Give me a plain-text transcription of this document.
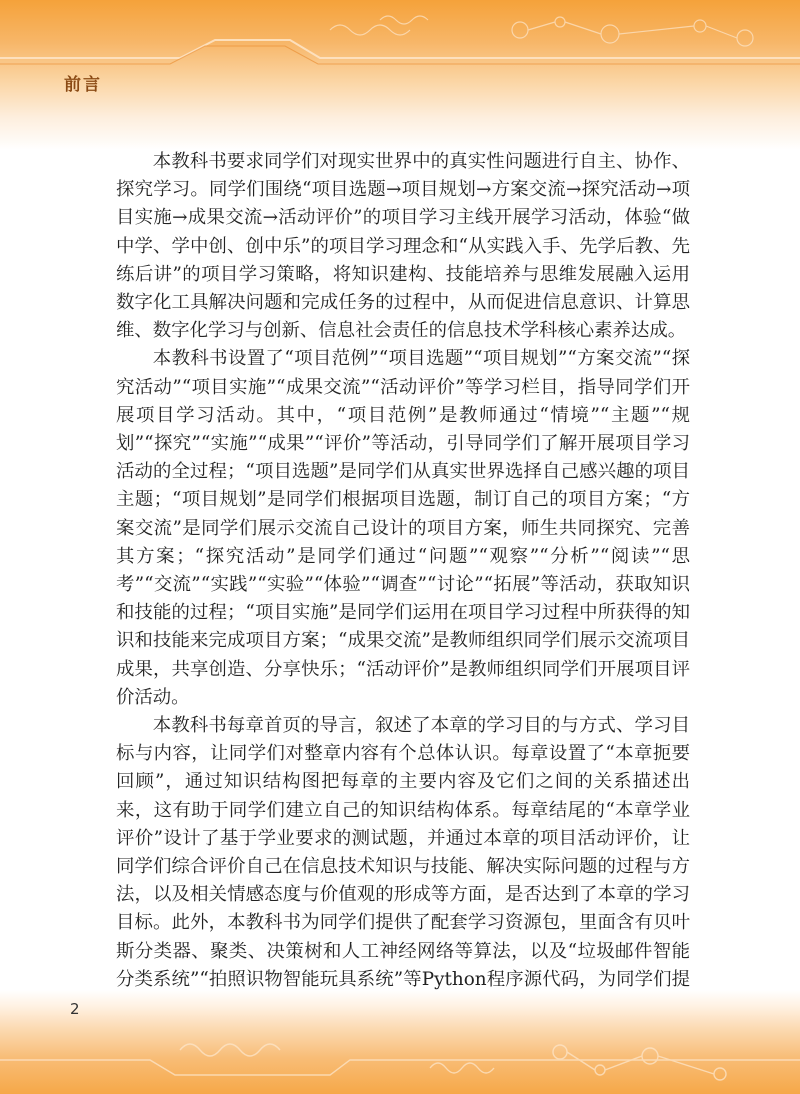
前言

本教科书要求同学们对现实世界中的真实性问题进行自主、协作、探究学习。同学们围绕“项目选题→项目规划→方案交流→探究活动→项目实施→成果交流→活动评价”的项目学习主线开展学习活动，体验“做中学、学中创、创中乐”的项目学习理念和“从实践入手、先学后教、先练后讲”的项目学习策略，将知识建构、技能培养与思维发展融入运用数字化工具解决问题和完成任务的过程中，从而促进信息意识、计算思维、数字化学习与创新、信息社会责任的信息技术学科核心素养达成。

本教科书设置了“项目范例”“项目选题”“项目规划”“方案交流”“探究活动”“项目实施”“成果交流”“活动评价”等学习栏目，指导同学们开展项目学习活动。其中，“项目范例”是教师通过“情境”“主题”“规划”“探究”“实施”“成果”“评价”等活动，引导同学们了解开展项目学习活动的全过程；“项目选题”是同学们从真实世界选择自己感兴趣的项目主题；“项目规划”是同学们根据项目选题，制订自己的项目方案；“方案交流”是同学们展示交流自己设计的项目方案，师生共同探究、完善其方案；“探究活动”是同学们通过“问题”“观察”“分析”“阅读”“思考”“交流”“实践”“实验”“体验”“调查”“讨论”“拓展”等活动，获取知识和技能的过程；“项目实施”是同学们运用在项目学习过程中所获得的知识和技能来完成项目方案；“成果交流”是教师组织同学们展示交流项目成果，共享创造、分享快乐；“活动评价”是教师组织同学们开展项目评价活动。

本教科书每章首页的导言，叙述了本章的学习目的与方式、学习目标与内容，让同学们对整章内容有个总体认识。每章设置了“本章扼要回顾”，通过知识结构图把每章的主要内容及它们之间的关系描述出来，这有助于同学们建立自己的知识结构体系。每章结尾的“本章学业评价”设计了基于学业要求的测试题，并通过本章的项目活动评价，让同学们综合评价自己在信息技术知识与技能、解决实际问题的过程与方法，以及相关情感态度与价值观的形成等方面，是否达到了本章的学习目标。此外，本教科书为同学们提供了配套学习资源包，里面含有贝叶斯分类器、聚类、决策树和人工神经网络等算法，以及“垃圾邮件智能分类系统”“拍照识物智能玩具系统”等Python程序源代码，为同学们提

2
